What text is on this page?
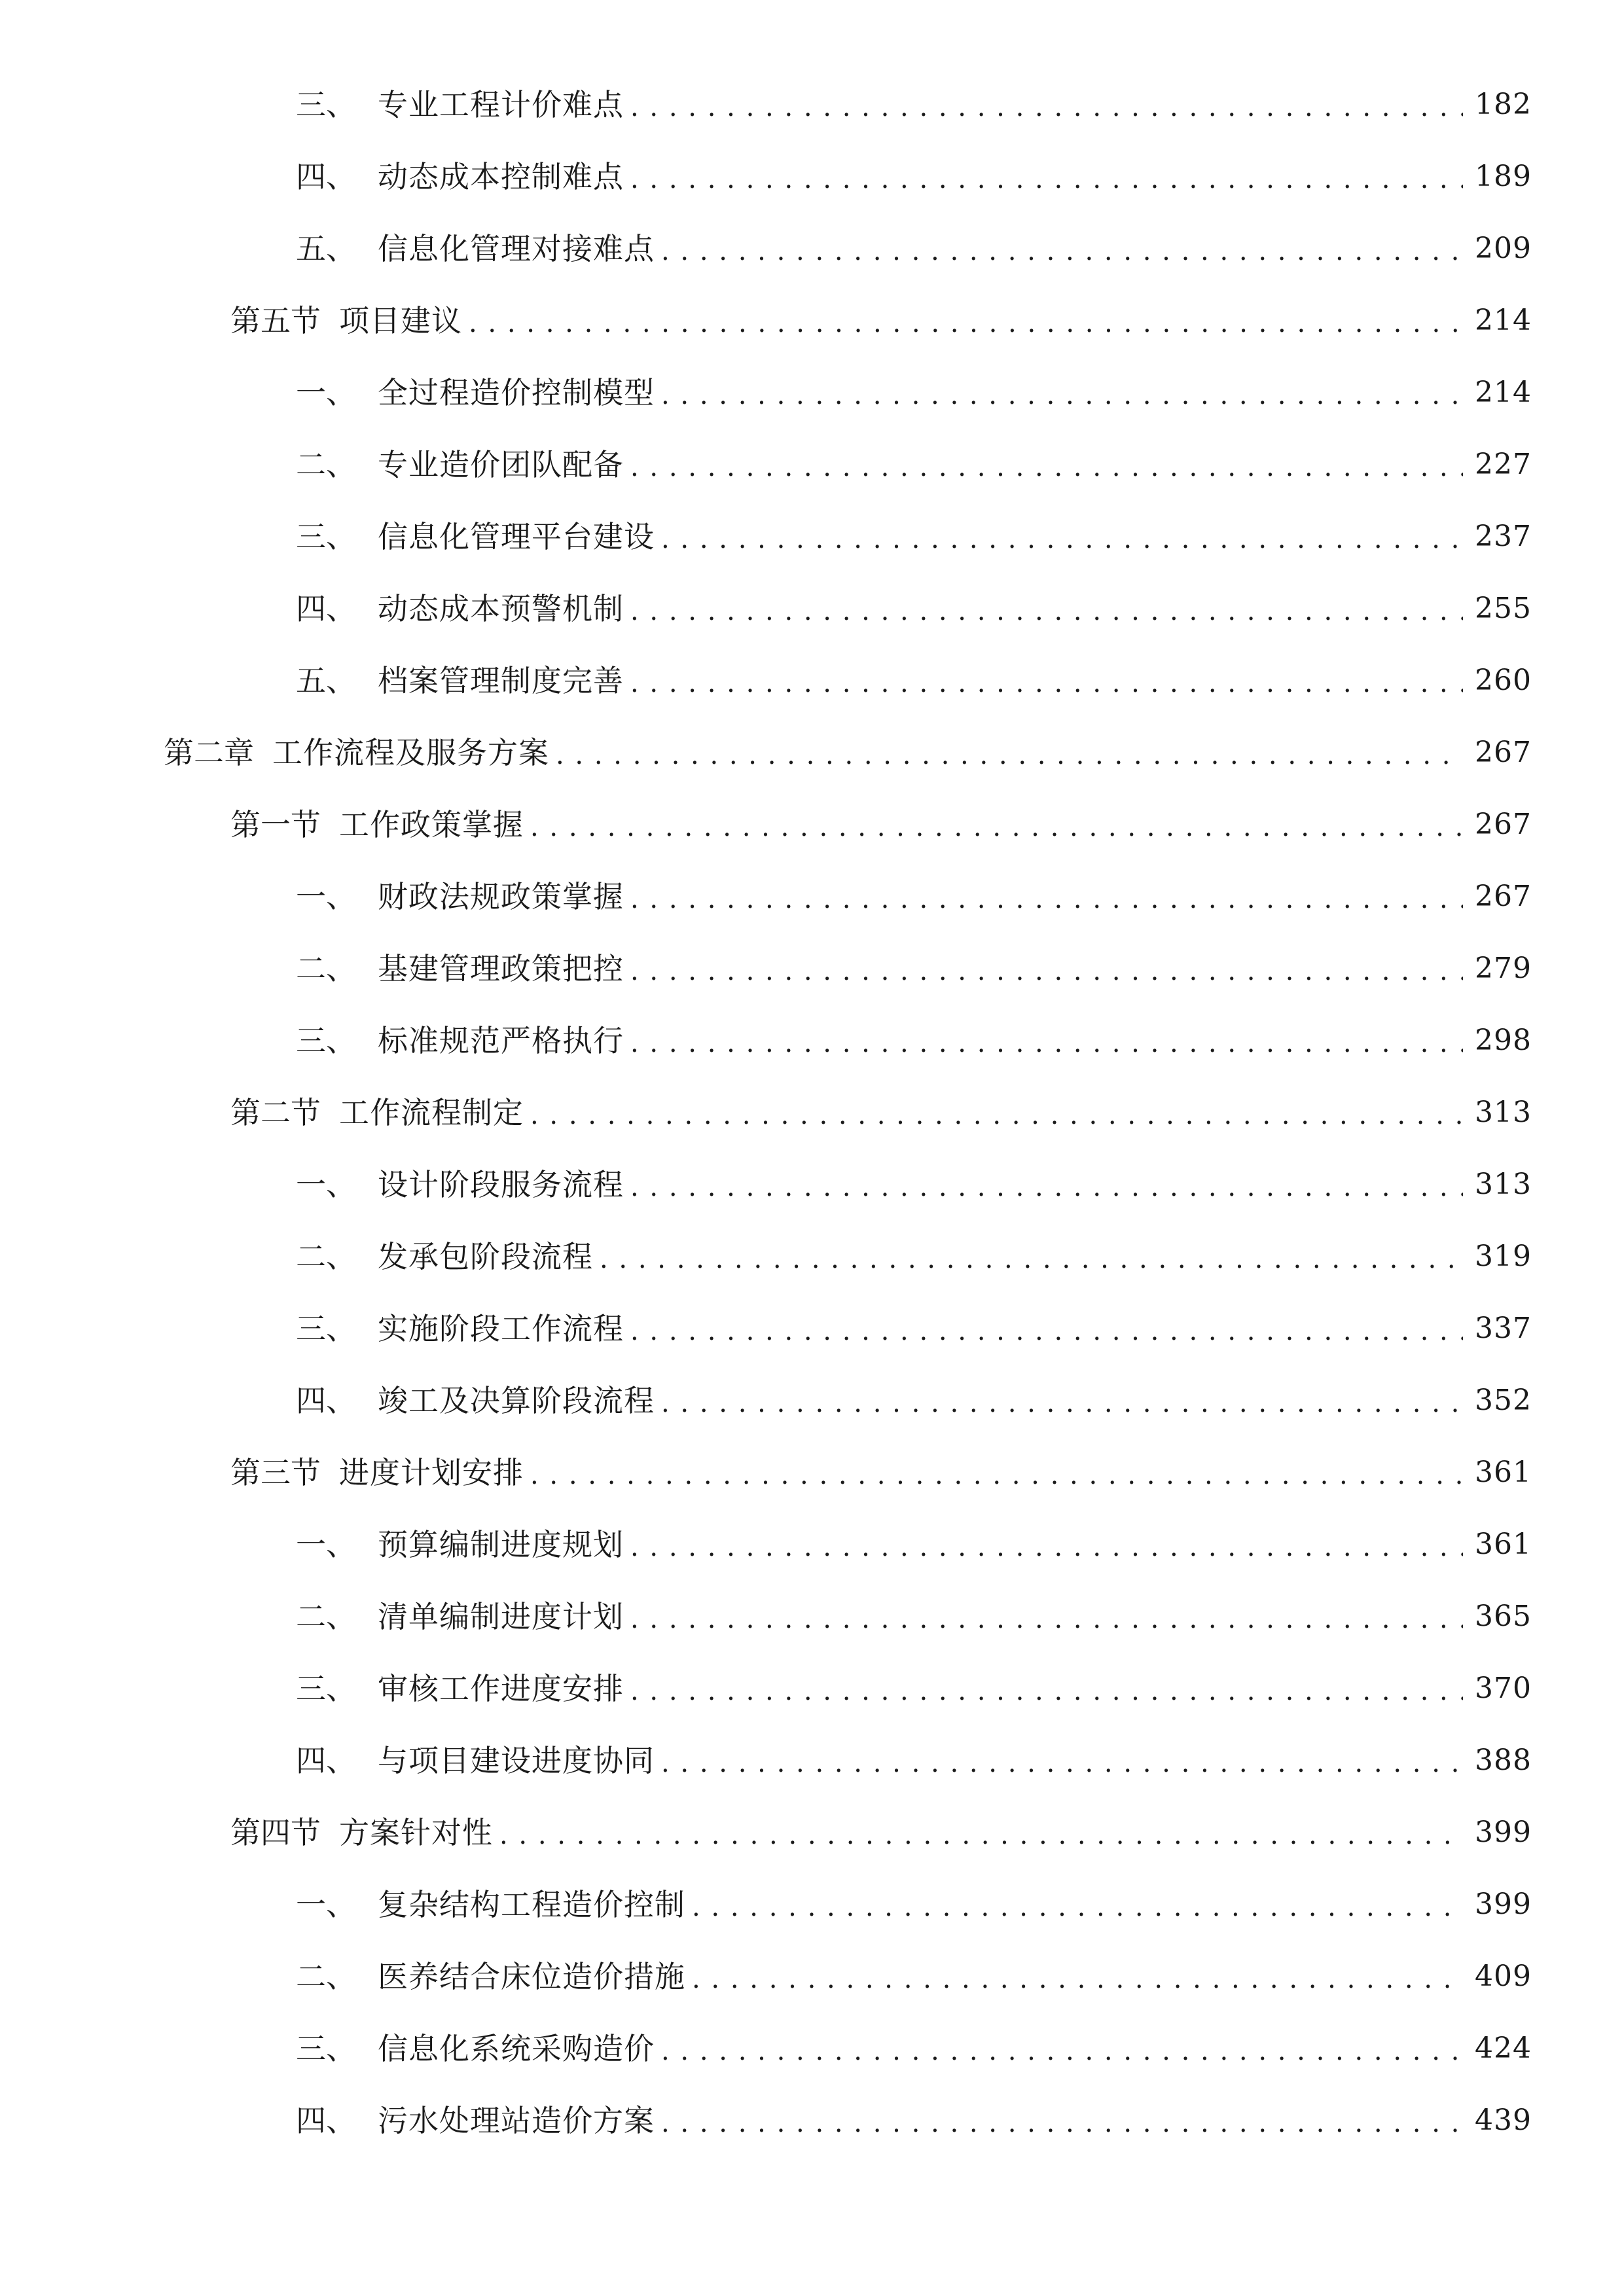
三、 专业工程计价难点 . . .	182
四、 动态成本控制难点 . . .	189
五、 信息化管理对接难点 . . .	209
第五节 项目建议 . . .	214
一、 全过程造价控制模型 . . .	214
二、 专业造价团队配备 . . .	227
三、 信息化管理平台建设 . . .	237
四、 动态成本预警机制 . . .	255
五、 档案管理制度完善 . . .	260
第二章 工作流程及服务方案 . . .	267
第一节 工作政策掌握 . . .	267
一、 财政法规政策掌握 . . .	267
二、 基建管理政策把控 . . .	279
三、 标准规范严格执行 . . .	298
第二节 工作流程制定 . . .	313
一、 设计阶段服务流程 . . .	313
二、 发承包阶段流程 . . .	319
三、 实施阶段工作流程 . . .	337
四、 竣工及决算阶段流程 . . .	352
第三节 进度计划安排 . . .	361
一、 预算编制进度规划 . . .	361
二、 清单编制进度计划 . . .	365
三、 审核工作进度安排 . . .	370
四、 与项目建设进度协同 . . .	388
第四节 方案针对性 . . .	399
一、 复杂结构工程造价控制 . . .	399
二、 医养结合床位造价措施 . . .	409
三、 信息化系统采购造价 . . .	424
四、 污水处理站造价方案 . . .	439
